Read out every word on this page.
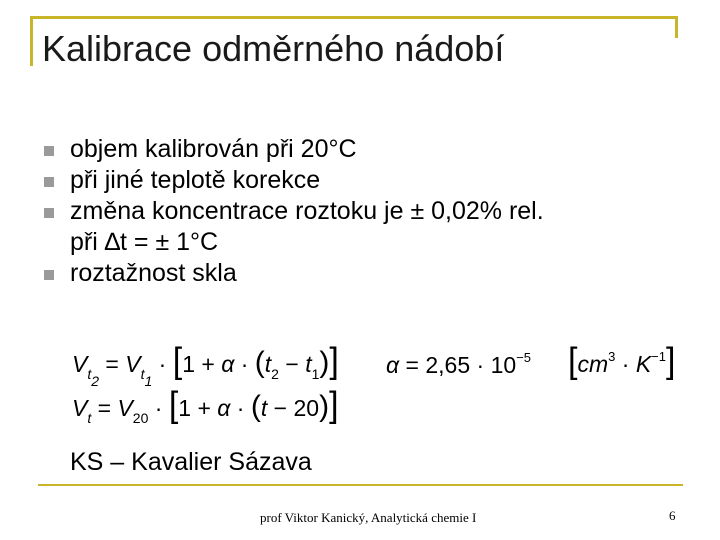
Kalibrace odměrného nádobí
objem kalibrován při 20°C
při jiné teplotě korekce
změna koncentrace roztoku je ± 0,02% rel.
při ∆t = ± 1°C
roztažnost skla
$V_{t2} = V_{t1} \cdot [1 + \alpha \cdot (t_2 - t_1)]$
$V_t = V_{20} \cdot [1 + \alpha \cdot (t - 20)]$
$\alpha = 2,65 \cdot 10^{-5}$ $[cm^3 \cdot K^{-1}]$
KS – Kavalier Sázava
prof Viktor Kanický, Analytická chemie I	6
